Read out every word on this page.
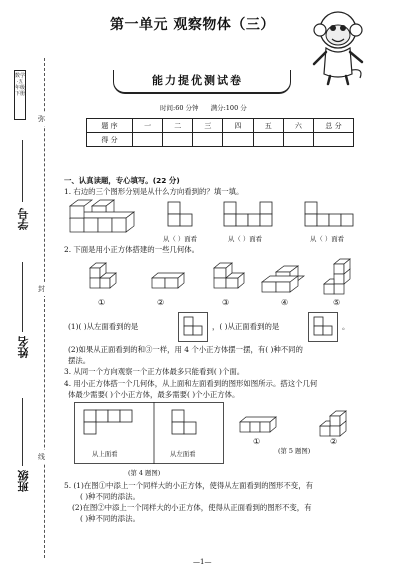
数学·五年级下册
弥
封
线
学号
姓名
班级
第一单元 观察物体（三）
能力提优测试卷
时间:60 分钟 满分:100 分
题 序	一	二	三	四	五	六	总 分
得 分							
一、认真读题，专心填写。(22 分)
1. 右边的三个图形分别是从什么方向看到的？填一填。
从（ ）面看	从（ ）面看	从（ ）面看
2. 下面是用小正方体搭建的一些几何体。
①	②	③	④	⑤
(1)( )从左面看到的是	，( )从正面看到的是	。
(2)如果从正面看到的和③一样，用 4 个小正方体摆一摆，有( )种不同的
摆法。
3. 从同一个方向观察一个正方体最多只能看到( )个面。
4. 用小正方体搭一个几何体，从上面和左面看到的图形如图所示。搭这个几何
体最少需要( )个小正方体，最多需要( )个小正方体。
从上面看	从左面看
(第 4 题图)
①	②
(第 5 题图)
5. (1)在图①中添上一个同样大的小正方体，使得从左面看到的图形不变，有
( )种不同的添法。
(2)在图②中添上一个同样大的小正方体，使得从正面看到的图形不变，有
( )种不同的添法。
—1—
